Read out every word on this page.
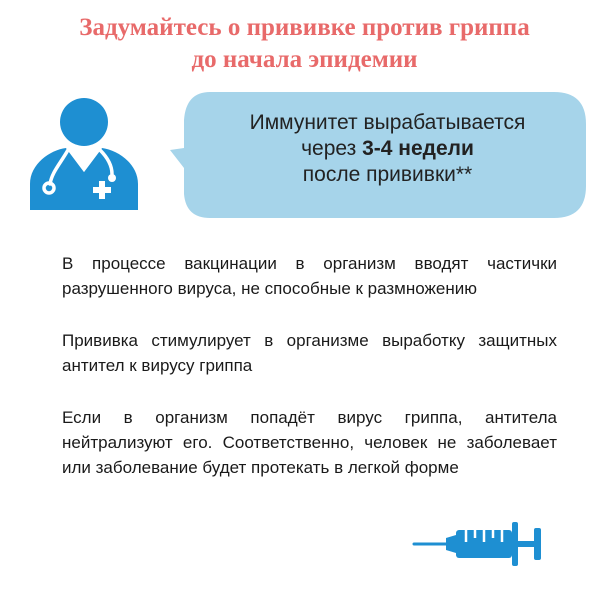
Задумайтесь о прививке против гриппа
до начала эпидемии
Иммунитет вырабатывается
через 3-4 недели
после прививки**

В процессе вакцинации в организм вводят частички разрушенного вируса, не способные к размножению

Прививка стимулирует в организме выработку защитных антител к вирусу гриппа

Если в организм попадёт вирус гриппа, антитела нейтрализуют его. Соответственно, человек не заболевает или заболевание будет протекать в легкой форме
